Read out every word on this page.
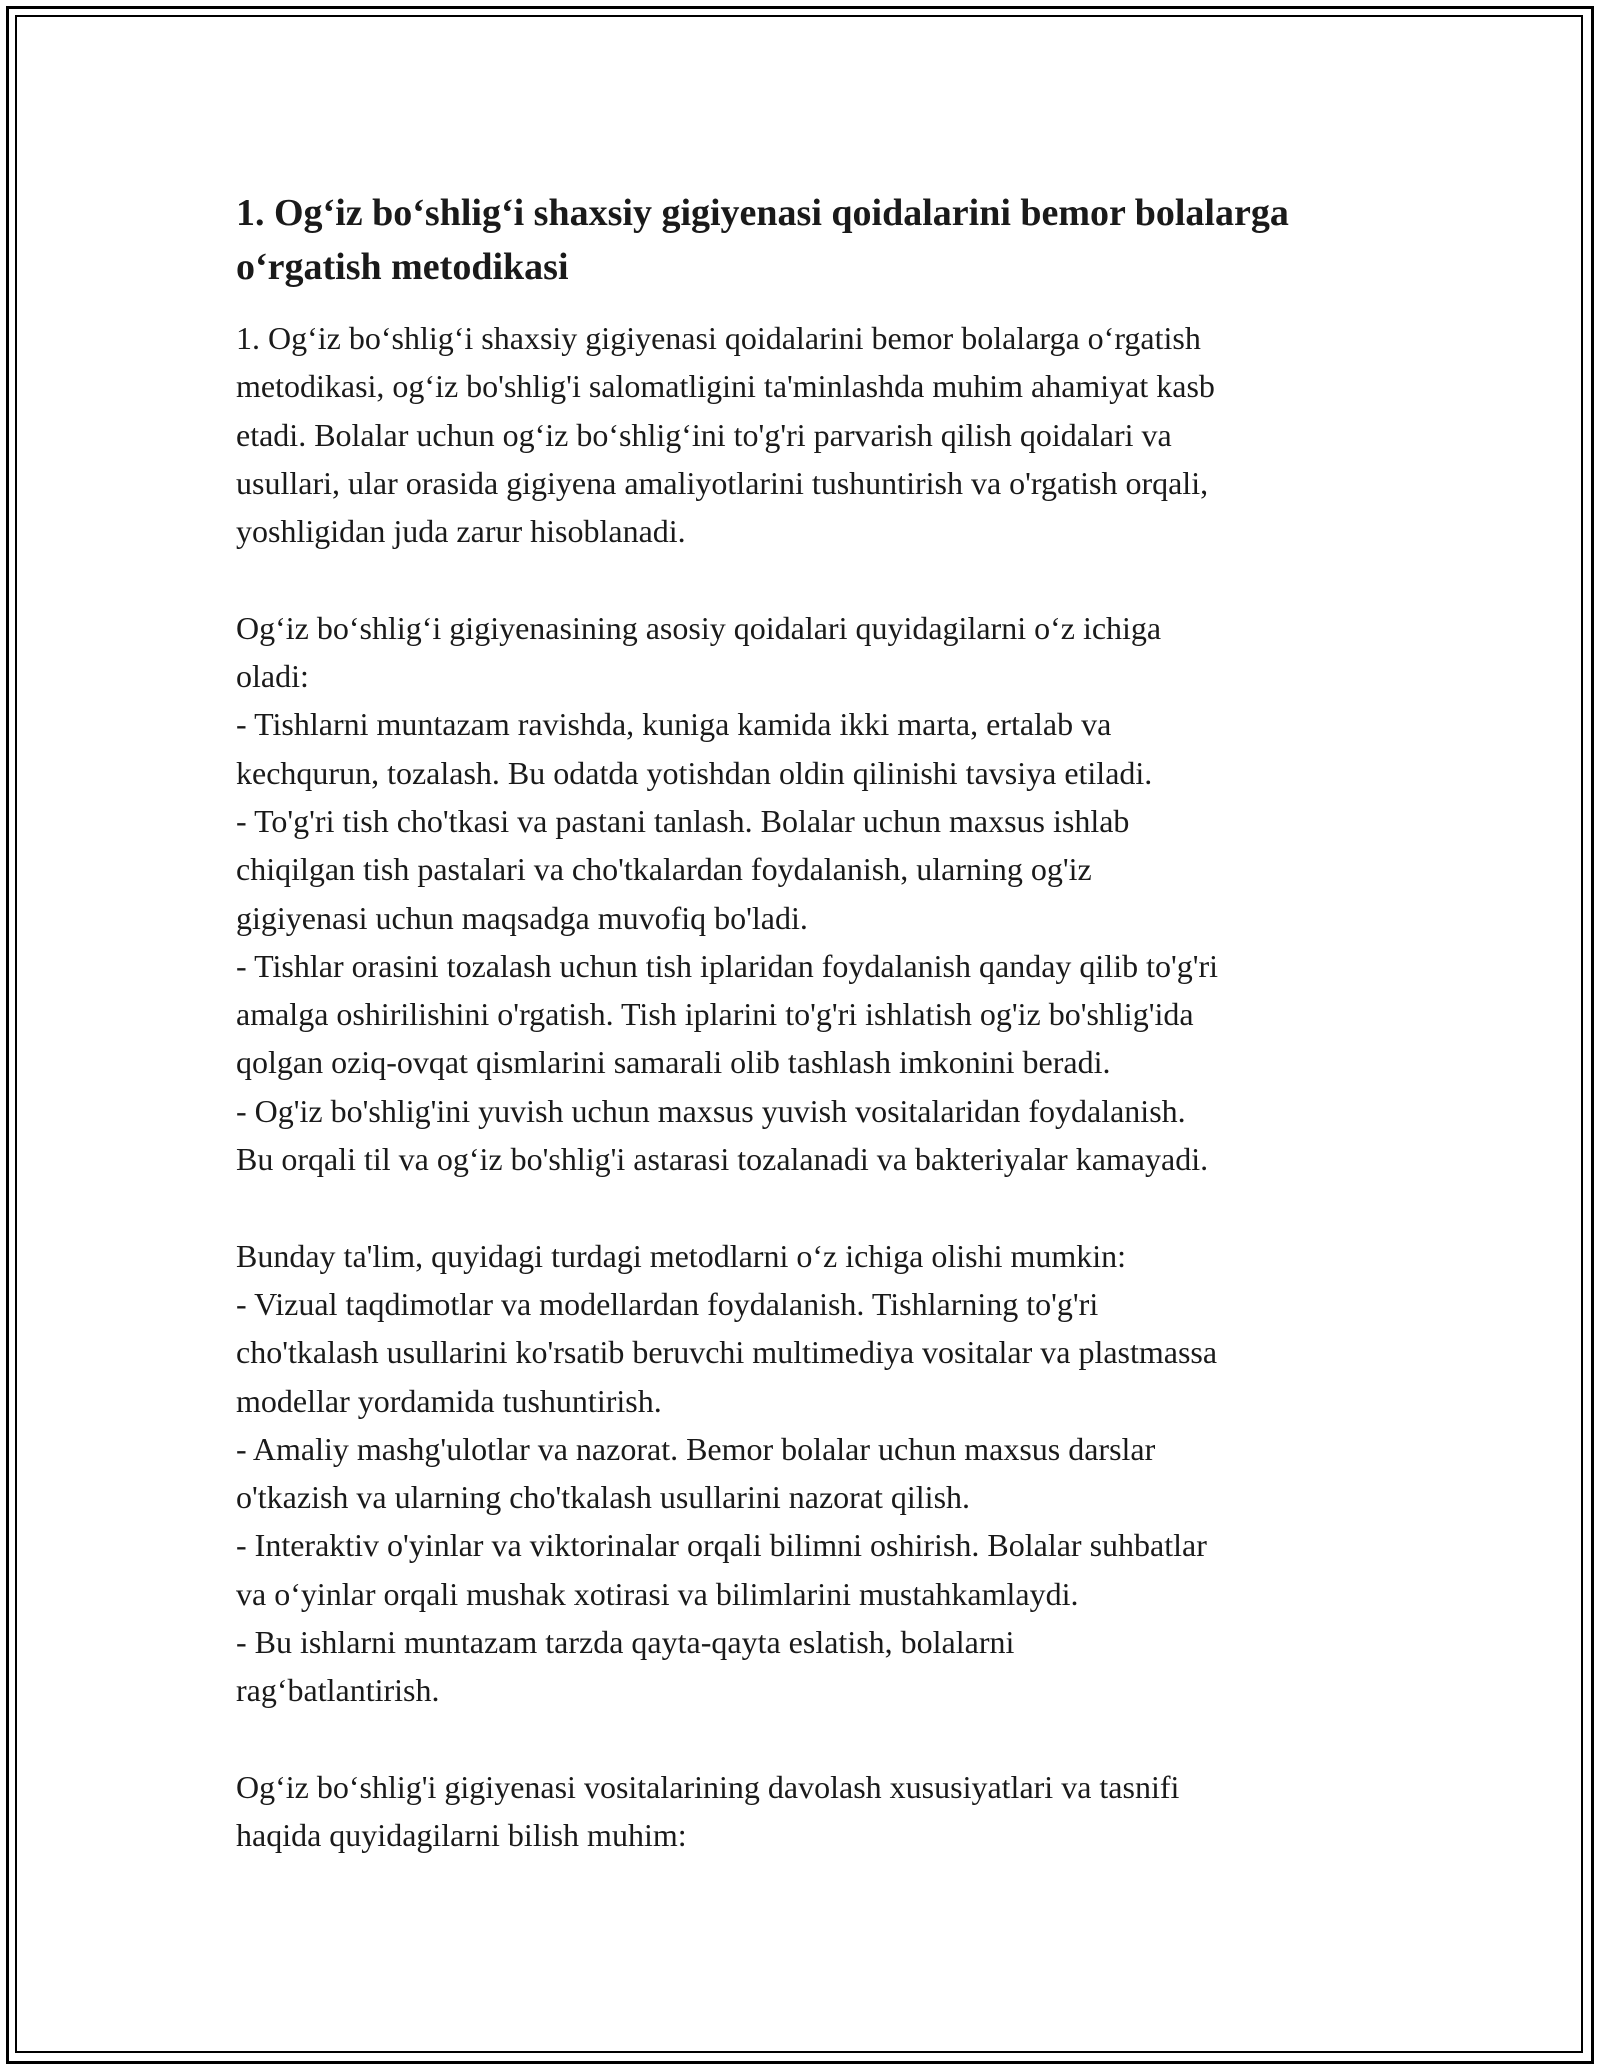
1. Og‘iz bo‘shlig‘i shaxsiy gigiyenasi qoidalarini bemor bolalarga o‘rgatish metodikasi
1. Og‘iz bo‘shlig‘i shaxsiy gigiyenasi qoidalarini bemor bolalarga o‘rgatish
metodikasi, og‘iz bo'shlig'i salomatligini ta'minlashda muhim ahamiyat kasb
etadi. Bolalar uchun og‘iz bo‘shlig‘ini to'g'ri parvarish qilish qoidalari va
usullari, ular orasida gigiyena amaliyotlarini tushuntirish va o'rgatish orqali,
yoshligidan juda zarur hisoblanadi.
Og‘iz bo‘shlig‘i gigiyenasining asosiy qoidalari quyidagilarni o‘z ichiga
oladi:
- Tishlarni muntazam ravishda, kuniga kamida ikki marta, ertalab va
kechqurun, tozalash. Bu odatda yotishdan oldin qilinishi tavsiya etiladi.
- To'g'ri tish cho'tkasi va pastani tanlash. Bolalar uchun maxsus ishlab
chiqilgan tish pastalari va cho'tkalardan foydalanish, ularning og'iz
gigiyenasi uchun maqsadga muvofiq bo'ladi.
- Tishlar orasini tozalash uchun tish iplaridan foydalanish qanday qilib to'g'ri
amalga oshirilishini o'rgatish. Tish iplarini to'g'ri ishlatish og'iz bo'shlig'ida
qolgan oziq-ovqat qismlarini samarali olib tashlash imkonini beradi.
- Og'iz bo'shlig'ini yuvish uchun maxsus yuvish vositalaridan foydalanish.
Bu orqali til va og‘iz bo'shlig'i astarasi tozalanadi va bakteriyalar kamayadi.
Bunday ta'lim, quyidagi turdagi metodlarni o‘z ichiga olishi mumkin:
- Vizual taqdimotlar va modellardan foydalanish. Tishlarning to'g'ri
cho'tkalash usullarini ko'rsatib beruvchi multimediya vositalar va plastmassa
modellar yordamida tushuntirish.
- Amaliy mashg'ulotlar va nazorat. Bemor bolalar uchun maxsus darslar
o'tkazish va ularning cho'tkalash usullarini nazorat qilish.
- Interaktiv o'yinlar va viktorinalar orqali bilimni oshirish. Bolalar suhbatlar
va o‘yinlar orqali mushak xotirasi va bilimlarini mustahkamlaydi.
- Bu ishlarni muntazam tarzda qayta-qayta eslatish, bolalarni
rag‘batlantirish.
Og‘iz bo‘shlig'i gigiyenasi vositalarining davolash xususiyatlari va tasnifi
haqida quyidagilarni bilish muhim:
